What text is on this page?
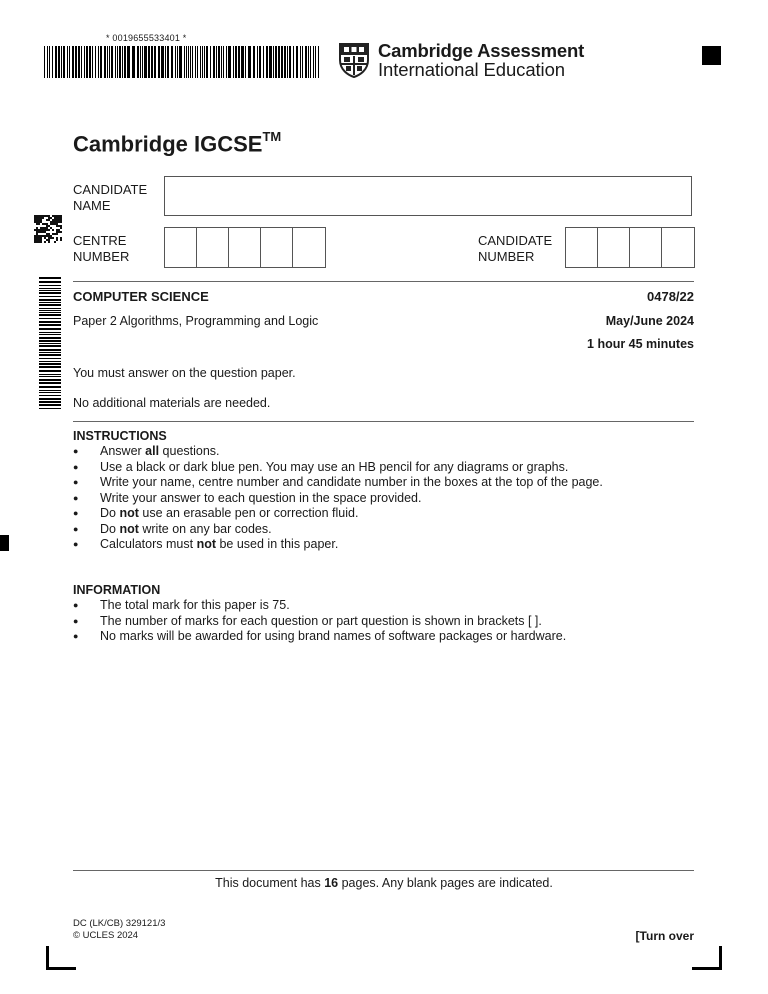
* 0019655533401 *
Cambridge Assessment
International Education
Cambridge IGCSE™
CANDIDATE
NAME
CENTRE
NUMBER
CANDIDATE
NUMBER
COMPUTER SCIENCE	0478/22
Paper 2 Algorithms, Programming and Logic	May/June 2024
1 hour 45 minutes
You must answer on the question paper.
No additional materials are needed.
INSTRUCTIONS
● Answer all questions.
● Use a black or dark blue pen. You may use an HB pencil for any diagrams or graphs.
● Write your name, centre number and candidate number in the boxes at the top of the page.
● Write your answer to each question in the space provided.
● Do not use an erasable pen or correction fluid.
● Do not write on any bar codes.
● Calculators must not be used in this paper.
INFORMATION
● The total mark for this paper is 75.
● The number of marks for each question or part question is shown in brackets [ ].
● No marks will be awarded for using brand names of software packages or hardware.
This document has 16 pages. Any blank pages are indicated.
DC (LK/CB) 329121/3
© UCLES 2024	[Turn over
